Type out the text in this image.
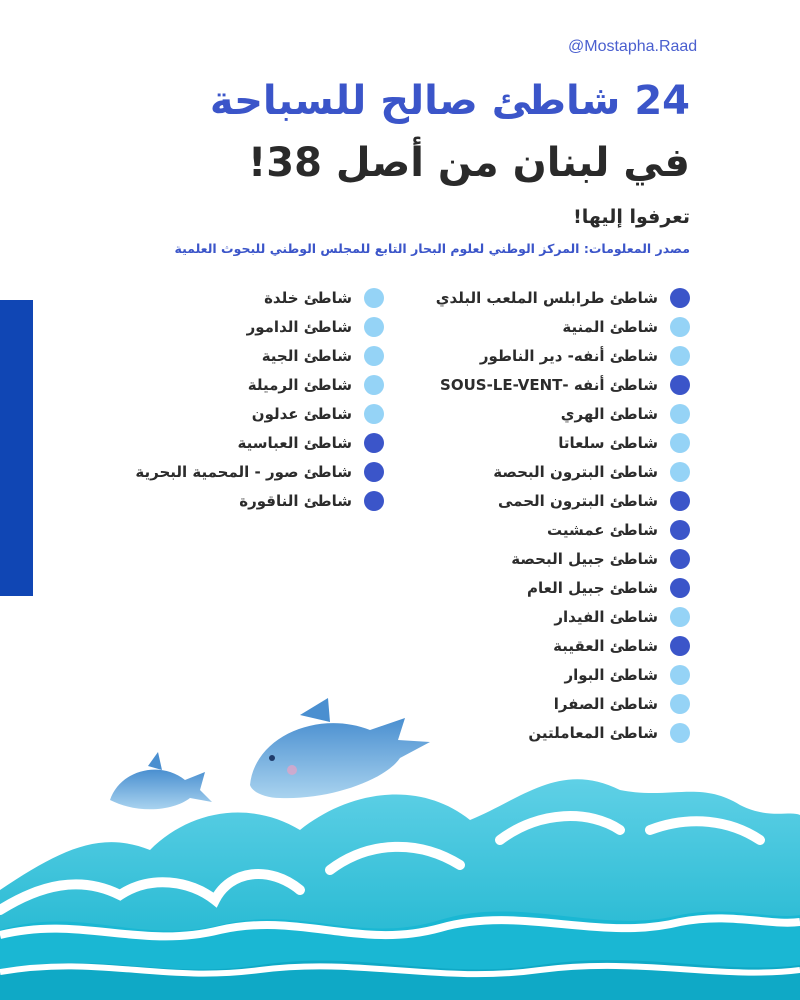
@Mostapha.Raad
24 شاطئ صالح للسباحة
في لبنان من أصل 38!
تعرفوا إليها!
مصدر المعلومات: المركز الوطني لعلوم البحار التابع للمجلس الوطني للبحوث العلمية
شاطئ طرابلس الملعب البلدي
شاطئ المنية
شاطئ أنفه- دير الناطور
شاطئ أنفه -SOUS-LE-VENT
شاطئ الهري
شاطئ سلعاتا
شاطئ البترون البحصة
شاطئ البترون الحمى
شاطئ عمشيت
شاطئ جبيل البحصة
شاطئ جبيل العام
شاطئ الفيدار
شاطئ العقيبة
شاطئ البوار
شاطئ الصفرا
شاطئ المعاملتين
شاطئ خلدة
شاطئ الدامور
شاطئ الجية
شاطئ الرميلة
شاطئ عدلون
شاطئ العباسية
شاطئ صور - المحمية البحرية
شاطئ الناقورة
